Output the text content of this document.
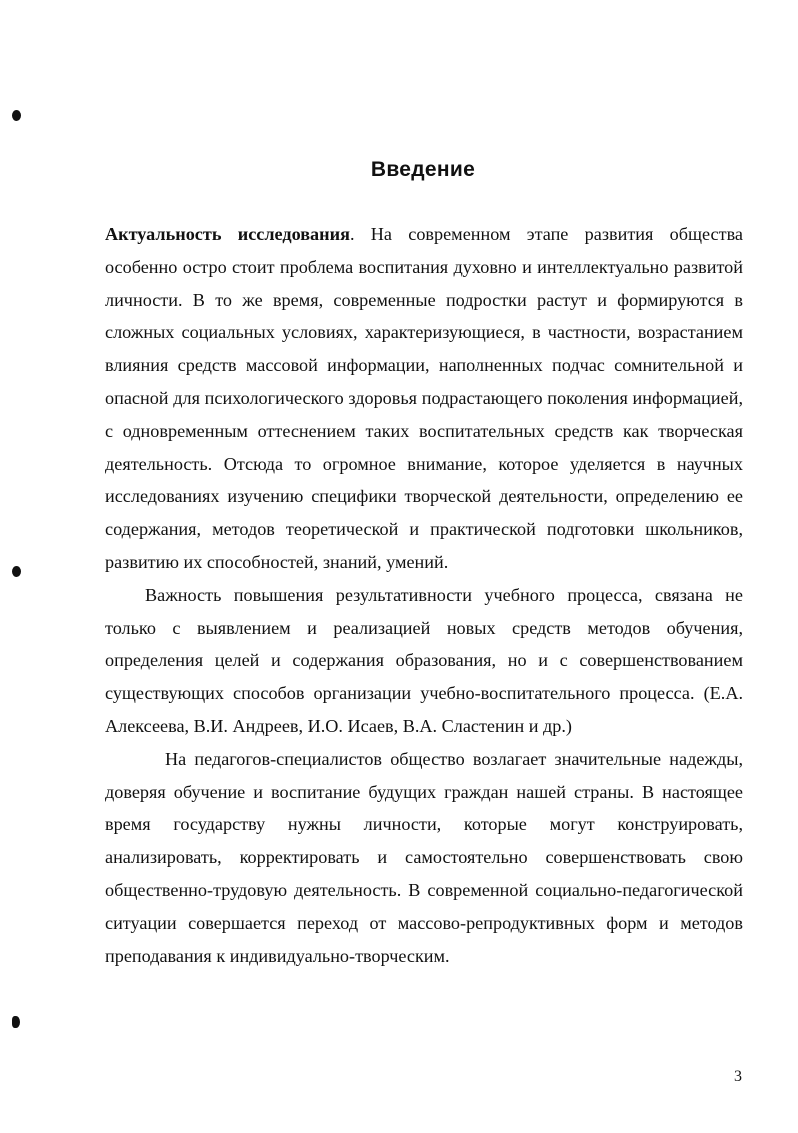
Введение

Актуальность исследования. На современном этапе развития общества особенно остро стоит проблема воспитания духовно и интеллектуально развитой личности. В то же время, современные подростки растут и формируются в сложных социальных условиях, характеризующиеся, в частности, возрастанием влияния средств массовой информации, наполненных подчас сомнительной и опасной для психологического здоровья подрастающего поколения информацией, с одновременным оттеснением таких воспитательных средств как творческая деятельность. Отсюда то огромное внимание, которое уделяется в научных исследованиях изучению специфики творческой деятельности, определению ее содержания, методов теоретической и практической подготовки школьников, развитию их способностей, знаний, умений.

Важность повышения результативности учебного процесса, связана не только с выявлением и реализацией новых средств методов обучения, определения целей и содержания образования, но и с совершенствованием существующих способов организации учебно-воспитательного процесса. (Е.А. Алексеева, В.И. Андреев, И.О. Исаев, В.А. Сластенин и др.)

На педагогов-специалистов общество возлагает значительные надежды, доверяя обучение и воспитание будущих граждан нашей страны. В настоящее время государству нужны личности, которые могут конструировать, анализировать, корректировать и самостоятельно совершенствовать свою общественно-трудовую деятельность. В современной социально-педагогической ситуации совершается переход от массово-репродуктивных форм и методов преподавания к индивидуально-творческим.

3
